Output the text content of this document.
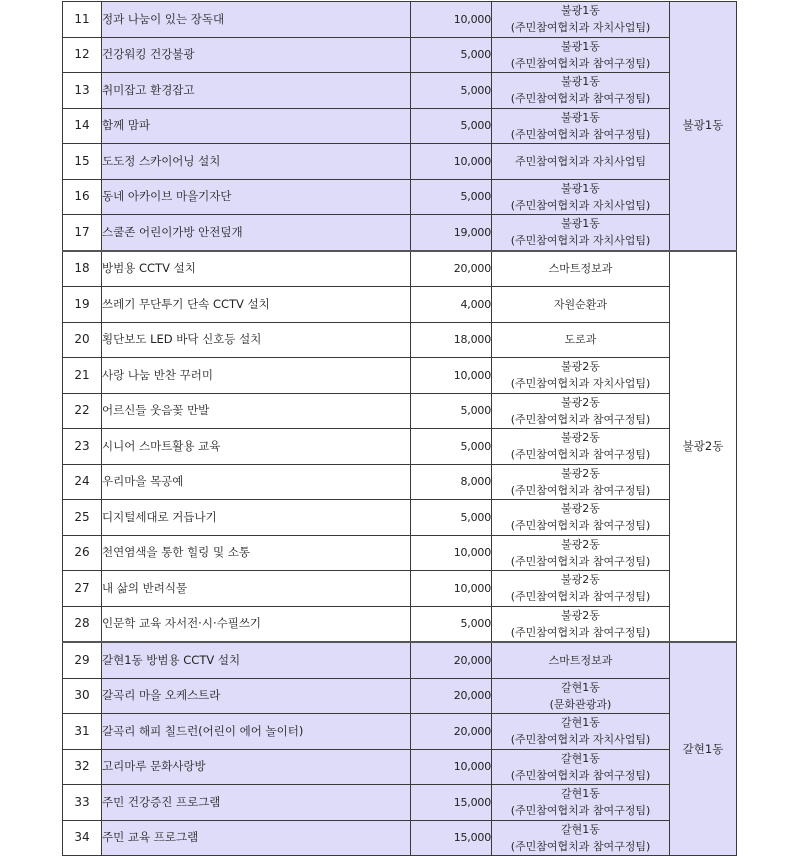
11	정과 나눔이 있는 장독대	10,000	불광1동
(주민참여협치과 자치사업팀)	불광1동
12	건강워킹 건강불광	5,000	불광1동
(주민참여협치과 참여구정팀)	

13	취미잡고 환경잡고	5,000	불광1동
(주민참여협치과 참여구정팀)	

14	함께 맘파	5,000	불광1동
(주민참여협치과 참여구정팀)	

15	도도정 스카이어닝 설치	10,000	주민참여협치과 자치사업팀	

16	동네 아카이브 마을기자단	5,000	불광1동
(주민참여협치과 자치사업팀)	

17	스쿨존 어린이가방 안전덮개	19,000	불광1동
(주민참여협치과 자치사업팀)	

18	방범용 CCTV 설치	20,000	스마트정보과	불광2동
19	쓰레기 무단투기 단속 CCTV 설치	4,000	자원순환과	

20	횡단보도 LED 바닥 신호등 설치	18,000	도로과	

21	사랑 나눔 반찬 꾸러미	10,000	불광2동
(주민참여협치과 자치사업팀)	

22	어르신들 웃음꽃 만발	5,000	불광2동
(주민참여협치과 참여구정팀)	

23	시니어 스마트활용 교육	5,000	불광2동
(주민참여협치과 참여구정팀)	

24	우리마을 목공예	8,000	불광2동
(주민참여협치과 참여구정팀)	

25	디지털세대로 거듭나기	5,000	불광2동
(주민참여협치과 참여구정팀)	

26	천연염색을 통한 힐링 및 소통	10,000	불광2동
(주민참여협치과 참여구정팀)	

27	내 삶의 반려식물	10,000	불광2동
(주민참여협치과 참여구정팀)	

28	인문학 교육 자서전·시·수필쓰기	5,000	불광2동
(주민참여협치과 참여구정팀)	

29	갈현1동 방범용 CCTV 설치	20,000	스마트정보과	갈현1동
30	갈곡리 마을 오케스트라	20,000	갈현1동
(문화관광과)	

31	갈곡리 해피 칠드런(어린이 에어 놀이터)	20,000	갈현1동
(주민참여협치과 자치사업팀)	

32	고리마루 문화사랑방	10,000	갈현1동
(주민참여협치과 참여구정팀)	

33	주민 건강증진 프로그램	15,000	갈현1동
(주민참여협치과 참여구정팀)	

34	주민 교육 프로그램	15,000	갈현1동
(주민참여협치과 참여구정팀)	
